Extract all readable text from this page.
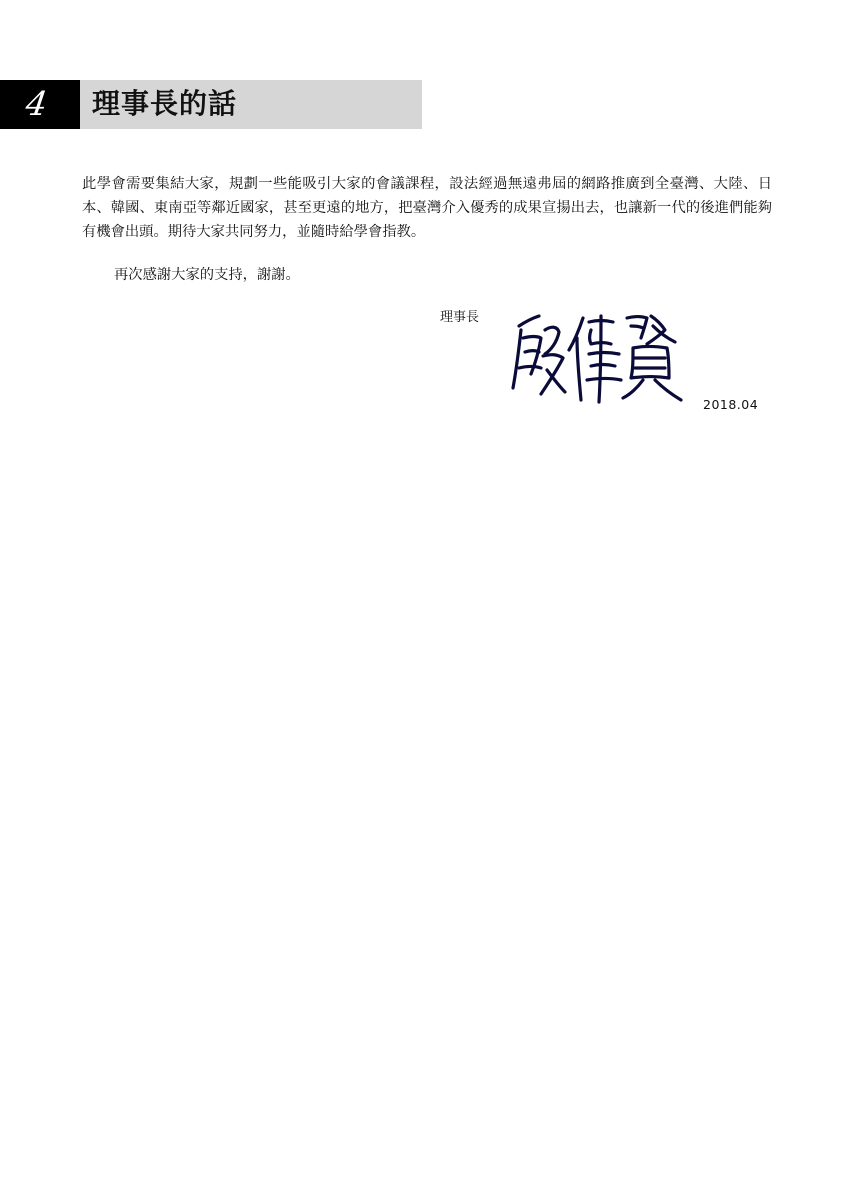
4 理事長的話

此學會需要集結大家，規劃一些能吸引大家的會議課程，設法經過無遠弗屆的網路推廣到全臺灣、大陸、日本、韓國、東南亞等鄰近國家，甚至更遠的地方，把臺灣介入優秀的成果宣揚出去，也讓新一代的後進們能夠有機會出頭。期待大家共同努力，並隨時給學會指教。

再次感謝大家的支持，謝謝。
理事長
2018.04
